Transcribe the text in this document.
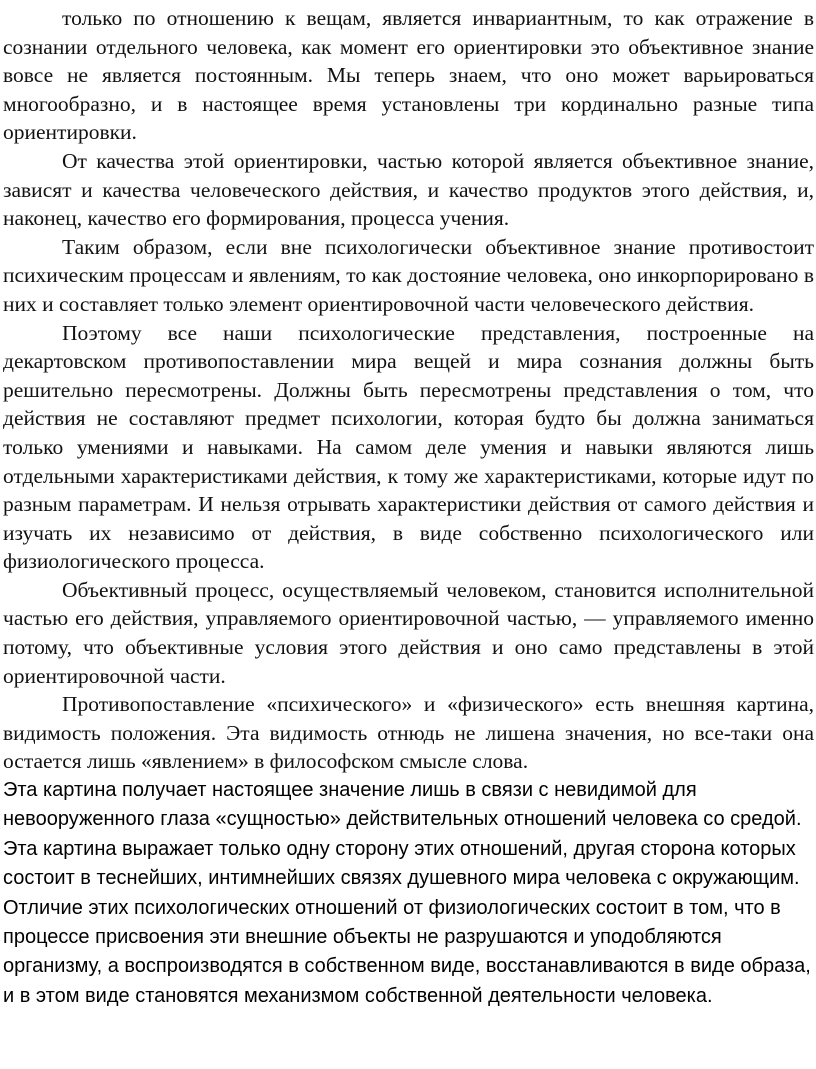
только по отношению к вещам, является инвариантным, то как отражение в сознании отдельного человека, как момент его ориентировки это объективное знание вовсе не является постоянным. Мы теперь знаем, что оно может варьироваться многообразно, и в настоящее время установлены три кординально разные типа ориентировки.

От качества этой ориентировки, частью которой является объективное знание, зависят и качества человеческого действия, и качество продуктов этого действия, и, наконец, качество его формирования, процесса учения.

Таким образом, если вне психологически объективное знание противостоит психическим процессам и явлениям, то как достояние человека, оно инкорпорировано в них и составляет только элемент ориентировочной части человеческого действия.

Поэтому все наши психологические представления, построенные на декартовском противопоставлении мира вещей и мира сознания должны быть решительно пересмотрены. Должны быть пересмотрены представления о том, что действия не составляют предмет психологии, которая будто бы должна заниматься только умениями и навыками. На самом деле умения и навыки являются лишь отдельными характеристиками действия, к тому же характеристиками, которые идут по разным параметрам. И нельзя отрывать характеристики действия от самого действия и изучать их независимо от действия, в виде собственно психологического или физиологического процесса.

Объективный процесс, осуществляемый человеком, становится исполнительной частью его действия, управляемого ориентировочной частью, — управляемого именно потому, что объективные условия этого действия и оно само представлены в этой ориентировочной части.

Противопоставление «психического» и «физического» есть внешняя картина, видимость положения. Эта видимость отнюдь не лишена значения, но все-таки она остается лишь «явлением» в философском смысле слова.

Эта картина получает настоящее значение лишь в связи с невидимой для невооруженного глаза «сущностью» действительных отношений человека со средой. Эта картина выражает только одну сторону этих отношений, другая сторона которых состоит в теснейших, интимнейших связях душевного мира человека с окружающим. Отличие этих психологических отношений от физиологических состоит в том, что в процессе присвоения эти внешние объекты не разрушаются и уподобляются организму, а воспроизводятся в собственном виде, восстанавливаются в виде образа, и в этом виде становятся механизмом собственной деятельности человека.
